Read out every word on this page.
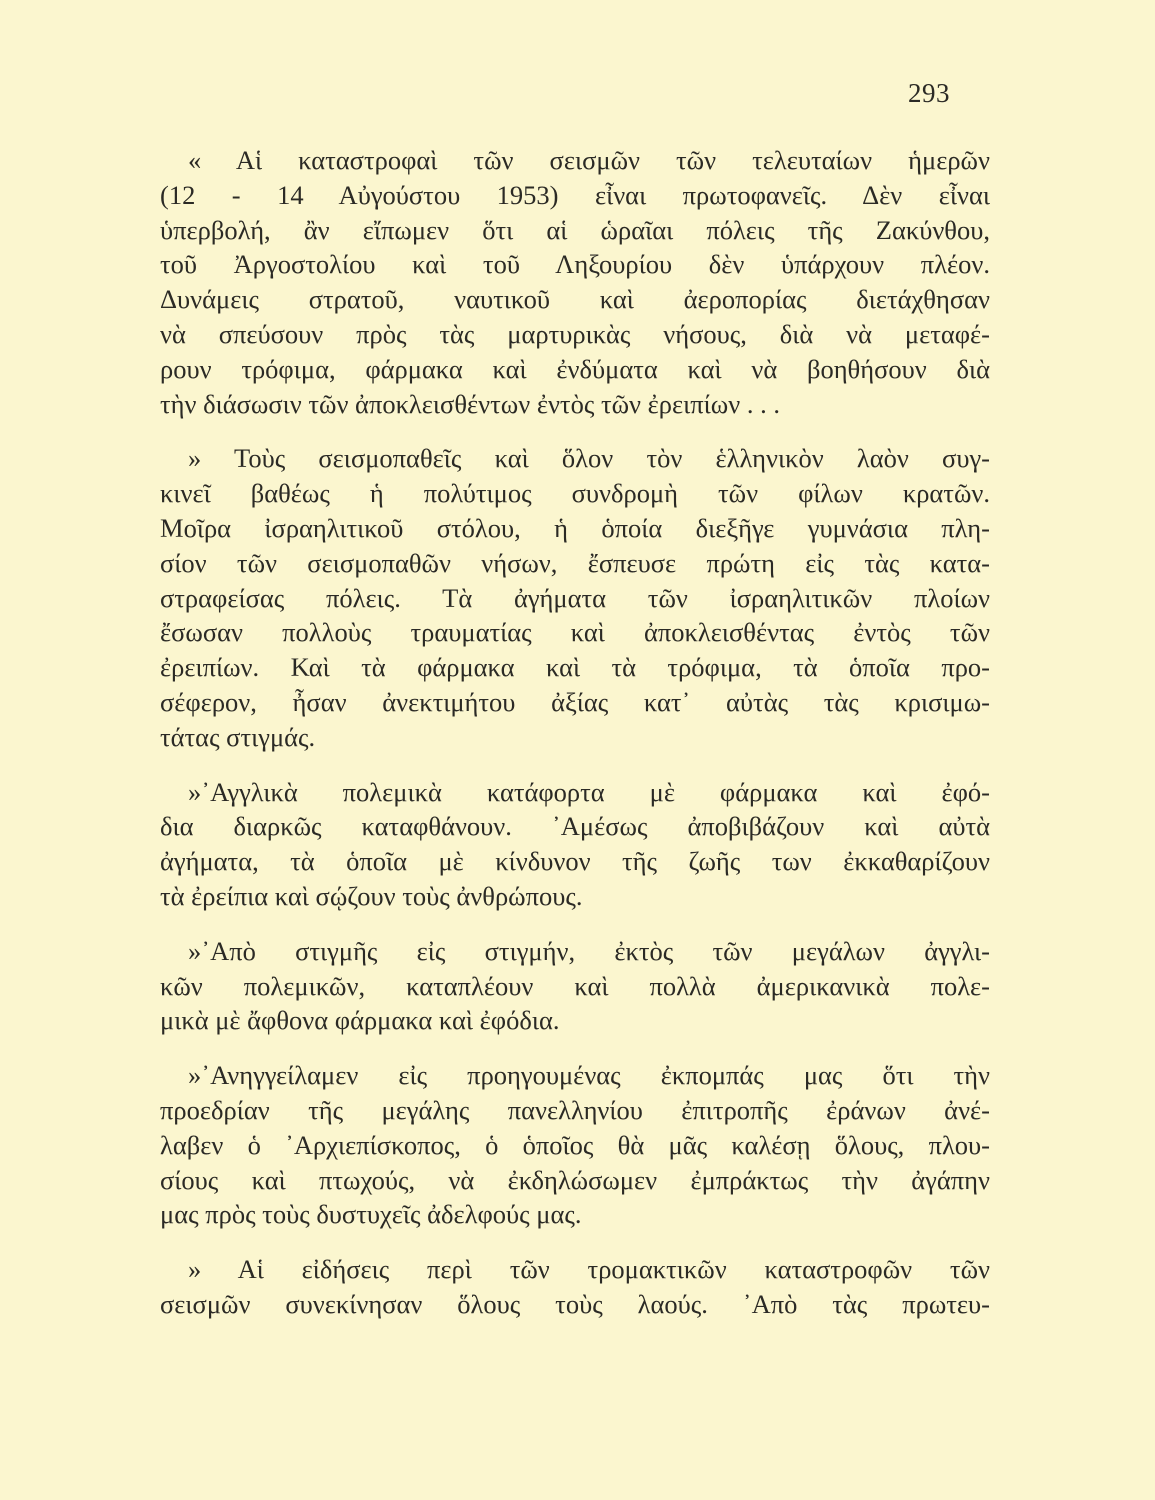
293
« Αἱ καταστροφαὶ τῶν σεισμῶν τῶν τελευταίων ἡμερῶν
(12 - 14 Αὐγούστου 1953) εἶναι πρωτοφανεῖς. Δὲν εἶναι
ὑπερβολή, ἂν εἴπωμεν ὅτι αἱ ὡραῖαι πόλεις τῆς Ζακύνθου,
τοῦ Ἀργοστολίου καὶ τοῦ Ληξουρίου δὲν ὑπάρχουν πλέον.
Δυνάμεις στρατοῦ, ναυτικοῦ καὶ ἀεροπορίας διετάχθησαν
νὰ σπεύσουν πρὸς τὰς μαρτυρικὰς νήσους, διὰ νὰ μεταφέ-
ρουν τρόφιμα, φάρμακα καὶ ἐνδύματα καὶ νὰ βοηθήσουν διὰ
τὴν διάσωσιν τῶν ἀποκλεισθέντων ἐντὸς τῶν ἐρειπίων . . .
» Τοὺς σεισμοπαθεῖς καὶ ὅλον τὸν ἑλληνικὸν λαὸν συγ-
κινεῖ βαθέως ἡ πολύτιμος συνδρομὴ τῶν φίλων κρατῶν.
Μοῖρα ἰσραηλιτικοῦ στόλου, ἡ ὁποία διεξῆγε γυμνάσια πλη-
σίον τῶν σεισμοπαθῶν νήσων, ἔσπευσε πρώτη εἰς τὰς κατα-
στραφείσας πόλεις. Τὰ ἀγήματα τῶν ἰσραηλιτικῶν πλοίων
ἔσωσαν πολλοὺς τραυματίας καὶ ἀποκλεισθέντας ἐντὸς τῶν
ἐρειπίων. Καὶ τὰ φάρμακα καὶ τὰ τρόφιμα, τὰ ὁποῖα προ-
σέφερον, ἦσαν ἀνεκτιμήτου ἀξίας κατ᾽ αὐτὰς τὰς κρισιμω-
τάτας στιγμάς.
»᾽Αγγλικὰ πολεμικὰ κατάφορτα μὲ φάρμακα καὶ ἐφό-
δια διαρκῶς καταφθάνουν. ᾽Αμέσως ἀποβιβάζουν καὶ αὐτὰ
ἀγήματα, τὰ ὁποῖα μὲ κίνδυνον τῆς ζωῆς των ἐκκαθαρίζουν
τὰ ἐρείπια καὶ σῴζουν τοὺς ἀνθρώπους.
»᾽Απὸ στιγμῆς εἰς στιγμήν, ἐκτὸς τῶν μεγάλων ἀγγλι-
κῶν πολεμικῶν, καταπλέουν καὶ πολλὰ ἀμερικανικὰ πολε-
μικὰ μὲ ἄφθονα φάρμακα καὶ ἐφόδια.
»᾽Ανηγγείλαμεν εἰς προηγουμένας ἐκπομπάς μας ὅτι τὴν
προεδρίαν τῆς μεγάλης πανελληνίου ἐπιτροπῆς ἐράνων ἀνέ-
λαβεν ὁ ᾽Αρχιεπίσκοπος, ὁ ὁποῖος θὰ μᾶς καλέσῃ ὅλους, πλου-
σίους καὶ πτωχούς, νὰ ἐκδηλώσωμεν ἐμπράκτως τὴν ἀγάπην
μας πρὸς τοὺς δυστυχεῖς ἀδελφούς μας.
» Αἱ εἰδήσεις περὶ τῶν τρομακτικῶν καταστροφῶν τῶν
σεισμῶν συνεκίνησαν ὅλους τοὺς λαούς. ᾽Απὸ τὰς πρωτευ-
